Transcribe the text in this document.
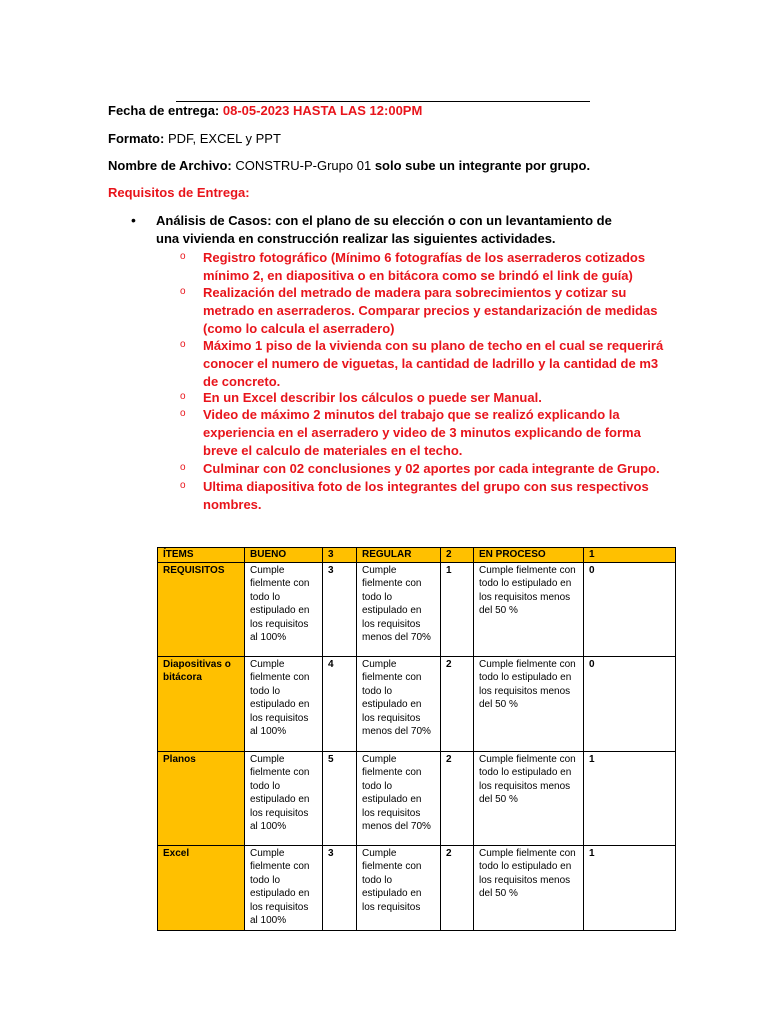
Fecha de entrega: 08-05-2023 HASTA LAS 12:00PM
Formato: PDF, EXCEL y PPT
Nombre de Archivo: CONSTRU-P-Grupo 01 solo sube un integrante por grupo.
Requisitos de Entrega:
• Análisis de Casos: con el plano de su elección o con un levantamiento de una vivienda en construcción realizar las siguientes actividades.
o Registro fotográfico (Mínimo 6 fotografías de los aserraderos cotizados mínimo 2, en diapositiva o en bitácora como se brindó el link de guía)
o Realización del metrado de madera para sobrecimientos y cotizar su metrado en aserraderos. Comparar precios y estandarización de medidas (como lo calcula el aserradero)
o Máximo 1 piso de la vivienda con su plano de techo en el cual se requerirá conocer el numero de viguetas, la cantidad de ladrillo y la cantidad de m3 de concreto.
o En un Excel describir los cálculos o puede ser Manual.
o Video de máximo 2 minutos del trabajo que se realizó explicando la experiencia en el aserradero y video de 3 minutos explicando de forma breve el calculo de materiales en el techo.
o Culminar con 02 conclusiones y 02 aportes por cada integrante de Grupo.
o Ultima diapositiva foto de los integrantes del grupo con sus respectivos nombres.
ÍTEMS	BUENO	3	REGULAR	2	EN PROCESO	1
REQUISITOS	Cumple fielmente con todo lo estipulado en los requisitos al 100%	3	Cumple fielmente con todo lo estipulado en los requisitos menos del 70%	1	Cumple fielmente con todo lo estipulado en los requisitos menos del 50 %	0
Diapositivas o bitácora	Cumple fielmente con todo lo estipulado en los requisitos al 100%	4	Cumple fielmente con todo lo estipulado en los requisitos menos del 70%	2	Cumple fielmente con todo lo estipulado en los requisitos menos del 50 %	0
Planos	Cumple fielmente con todo lo estipulado en los requisitos al 100%	5	Cumple fielmente con todo lo estipulado en los requisitos menos del 70%	2	Cumple fielmente con todo lo estipulado en los requisitos menos del 50 %	1
Excel	Cumple fielmente con todo lo estipulado en los requisitos al 100%	3	Cumple fielmente con todo lo estipulado en los requisitos	2	Cumple fielmente con todo lo estipulado en los requisitos menos del 50 %	1
